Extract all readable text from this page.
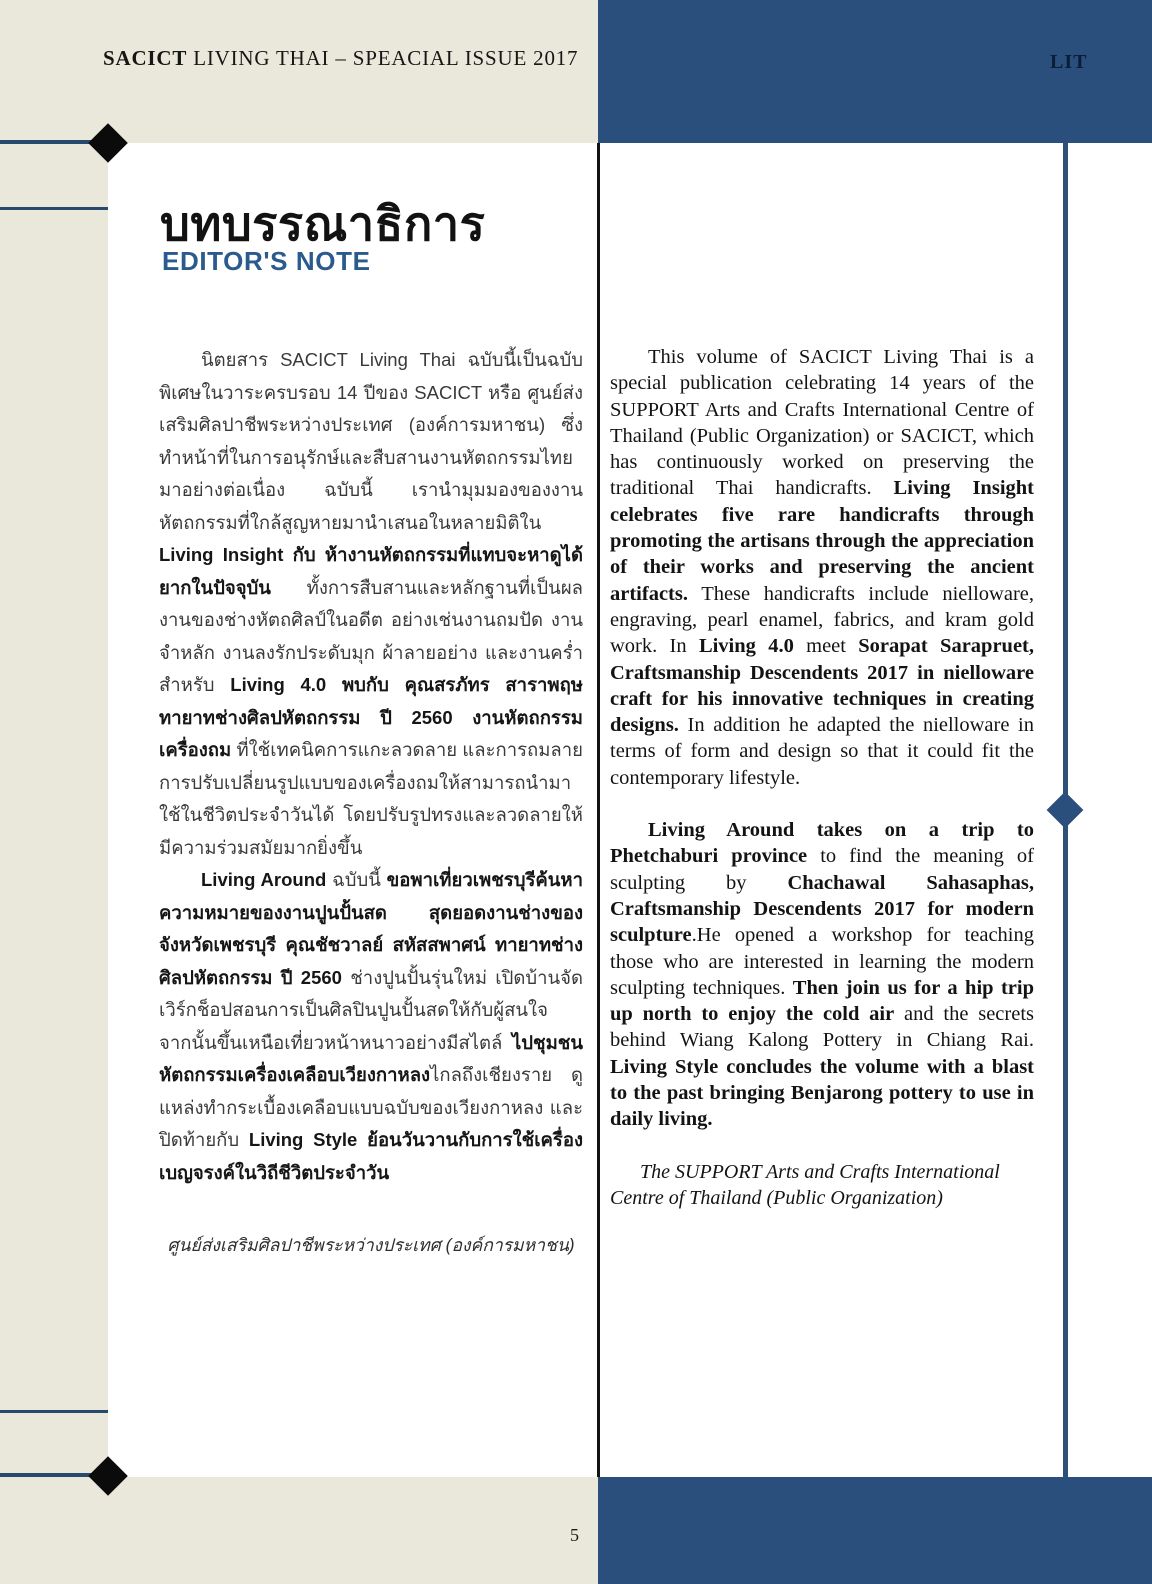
SACICT LIVING THAI – SPEACIAL ISSUE 2017	LIT
บทบรรณาธิการ
EDITOR'S NOTE

นิตยสาร SACICT Living Thai ฉบับนี้เป็นฉบับพิเศษในวาระครบรอบ 14 ปีของ SACICT หรือ ศูนย์ส่งเสริมศิลปาชีพระหว่างประเทศ (องค์การมหาชน) ซึ่งทำหน้าที่ในการอนุรักษ์และสืบสานงานหัตถกรรมไทยมาอย่างต่อเนื่อง ฉบับนี้ เรานำมุมมองของงานหัตถกรรมที่ใกล้สูญหายมานำเสนอในหลายมิติใน Living Insight กับ ห้างานหัตถกรรมที่แทบจะหาดูได้ยากในปัจจุบัน ทั้งการสืบสานและหลักฐานที่เป็นผลงานของช่างหัตถศิลป์ในอดีต อย่างเช่นงานถมปัด งานจำหลัก งานลงรักประดับมุก ผ้าลายอย่าง และงานคร่ำ สำหรับ Living 4.0 พบกับ คุณสรภัทร สาราพฤษ ทายาทช่างศิลปหัตถกรรม ปี 2560 งานหัตถกรรมเครื่องถม ที่ใช้เทคนิคการแกะลวดลาย และการถมลาย การปรับเปลี่ยนรูปแบบของเครื่องถมให้สามารถนำมาใช้ในชีวิตประจำวันได้ โดยปรับรูปทรงและลวดลายให้มีความร่วมสมัยมากยิ่งขึ้น

Living Around ฉบับนี้ ขอพาเที่ยวเพชรบุรีค้นหาความหมายของงานปูนปั้นสด สุดยอดงานช่างของจังหวัดเพชรบุรี คุณชัชวาลย์ สหัสสพาศน์ ทายาทช่างศิลปหัตถกรรม ปี 2560 ช่างปูนปั้นรุ่นใหม่ เปิดบ้านจัดเวิร์กช็อปสอนการเป็นศิลปินปูนปั้นสดให้กับผู้สนใจ จากนั้นขึ้นเหนือเที่ยวหน้าหนาวอย่างมีสไตล์ ไปชุมชนหัตถกรรมเครื่องเคลือบเวียงกาหลงไกลถึงเชียงราย ดูแหล่งทำกระเบื้องเคลือบแบบฉบับของเวียงกาหลง และปิดท้ายกับ Living Style ย้อนวันวานกับการใช้เครื่องเบญจรงค์ในวิถีชีวิตประจำวัน

ศูนย์ส่งเสริมศิลปาชีพระหว่างประเทศ (องค์การมหาชน)

This volume of SACICT Living Thai is a special publication celebrating 14 years of the SUPPORT Arts and Crafts International Centre of Thailand (Public Organization) or SACICT, which has continuously worked on preserving the traditional Thai handicrafts. Living Insight celebrates five rare handicrafts through promoting the artisans through the appreciation of their works and preserving the ancient artifacts. These handicrafts include nielloware, engraving, pearl enamel, fabrics, and kram gold work. In Living 4.0 meet Sorapat Sarapruet, Craftsmanship Descendents 2017 in nielloware craft for his innovative techniques in creating designs. In addition he adapted the nielloware in terms of form and design so that it could fit the contemporary lifestyle.

Living Around takes on a trip to Phetchaburi province to find the meaning of sculpting by Chachawal Sahasaphas, Craftsmanship Descendents 2017 for modern sculpture.He opened a workshop for teaching those who are interested in learning the modern sculpting techniques. Then join us for a hip trip up north to enjoy the cold air and the secrets behind Wiang Kalong Pottery in Chiang Rai. Living Style concludes the volume with a blast to the past bringing Benjarong pottery to use in daily living.

The SUPPORT Arts and Crafts International Centre of Thailand (Public Organization)
5
